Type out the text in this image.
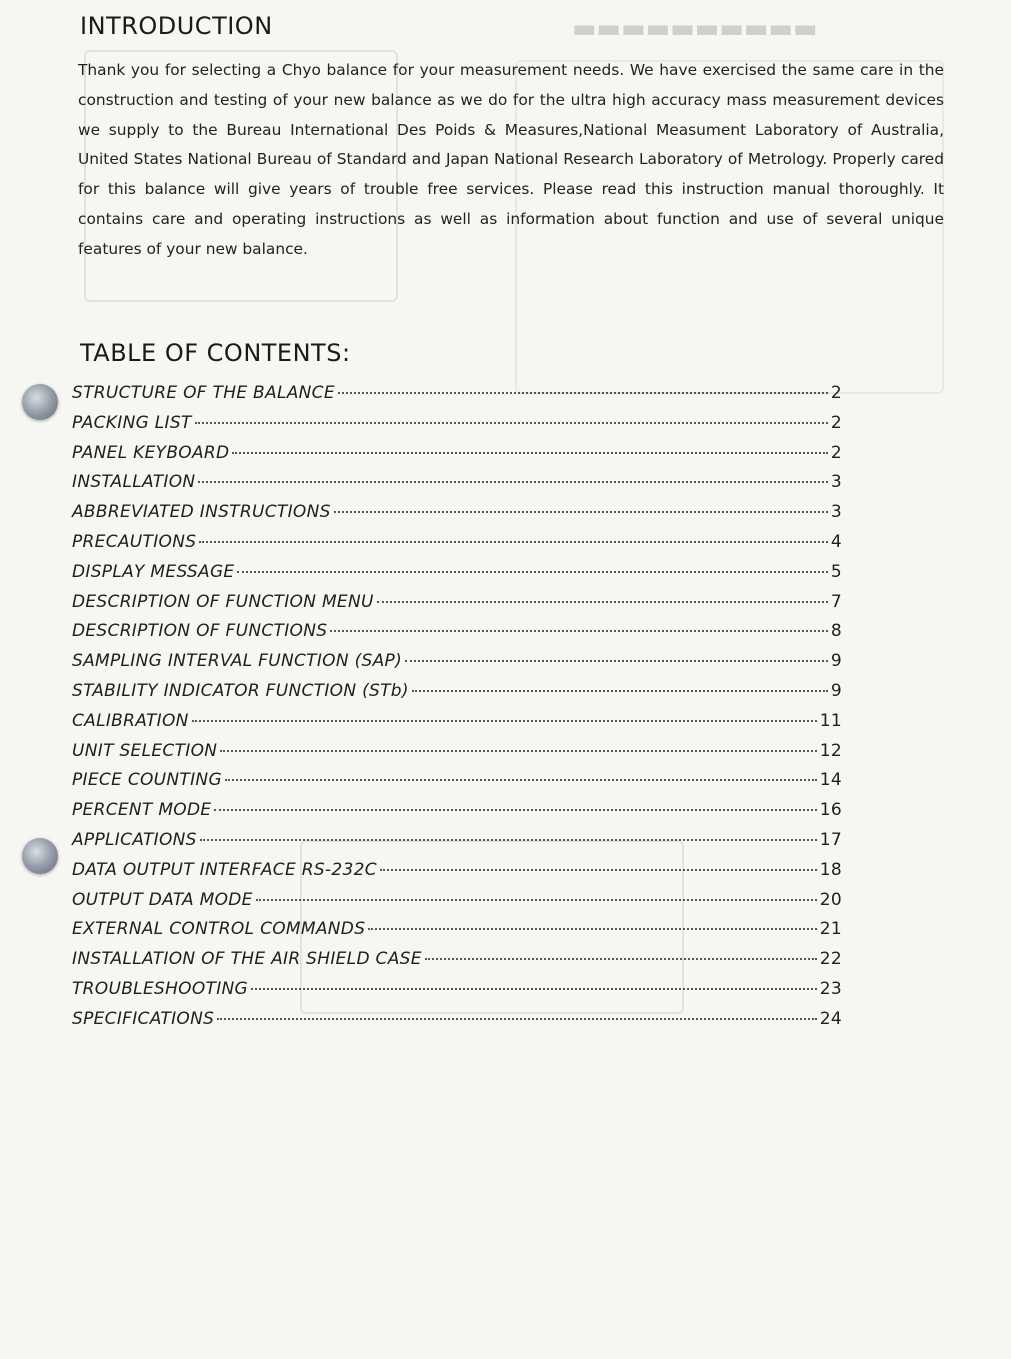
▬▬▬▬▬▬▬▬▬▬
INTRODUCTION

Thank you for selecting a Chyo balance for your measurement needs. We have exercised the same care in the construction and testing of your new balance as we do for the ultra high accuracy mass measurement devices we supply to the Bureau International Des Poids & Measures,National Measument Laboratory of Australia, United States National Bureau of Standard and Japan National Research Laboratory of Metrology. Properly cared for this balance will give years of trouble free services. Please read this instruction manual thoroughly. It contains care and operating instructions as well as information about function and use of several unique features of your new balance.

TABLE OF CONTENTS:
STRUCTURE OF THE BALANCE	2
PACKING LIST	2
PANEL KEYBOARD	2
INSTALLATION	3
ABBREVIATED INSTRUCTIONS	3
PRECAUTIONS	4
DISPLAY MESSAGE	5
DESCRIPTION OF FUNCTION MENU	7
DESCRIPTION OF FUNCTIONS	8
SAMPLING INTERVAL FUNCTION (SAP)	9
STABILITY INDICATOR FUNCTION (STb)	9
CALIBRATION	11
UNIT SELECTION	12
PIECE COUNTING	14
PERCENT MODE	16
APPLICATIONS	17
DATA OUTPUT INTERFACE RS-232C	18
OUTPUT DATA MODE	20
EXTERNAL CONTROL COMMANDS	21
INSTALLATION OF THE AIR SHIELD CASE	22
TROUBLESHOOTING	23
SPECIFICATIONS	24
